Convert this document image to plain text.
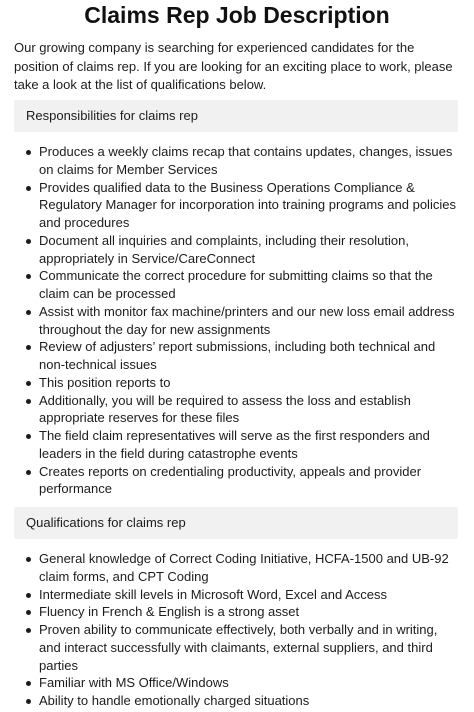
Claims Rep Job Description

Our growing company is searching for experienced candidates for the position of claims rep. If you are looking for an exciting place to work, please take a look at the list of qualifications below.

Responsibilities for claims rep
Produces a weekly claims recap that contains updates, changes, issues on claims for Member Services
Provides qualified data to the Business Operations Compliance & Regulatory Manager for incorporation into training programs and policies and procedures
Document all inquiries and complaints, including their resolution, appropriately in Service/CareConnect
Communicate the correct procedure for submitting claims so that the claim can be processed
Assist with monitor fax machine/printers and our new loss email address throughout the day for new assignments
Review of adjusters’ report submissions, including both technical and non-technical issues
This position reports to
Additionally, you will be required to assess the loss and establish appropriate reserves for these files
The field claim representatives will serve as the first responders and leaders in the field during catastrophe events
Creates reports on credentialing productivity, appeals and provider performance
Qualifications for claims rep
General knowledge of Correct Coding Initiative, HCFA-1500 and UB-92 claim forms, and CPT Coding
Intermediate skill levels in Microsoft Word, Excel and Access
Fluency in French & English is a strong asset
Proven ability to communicate effectively, both verbally and in writing, and interact successfully with claimants, external suppliers, and third parties
Familiar with MS Office/Windows
Ability to handle emotionally charged situations
